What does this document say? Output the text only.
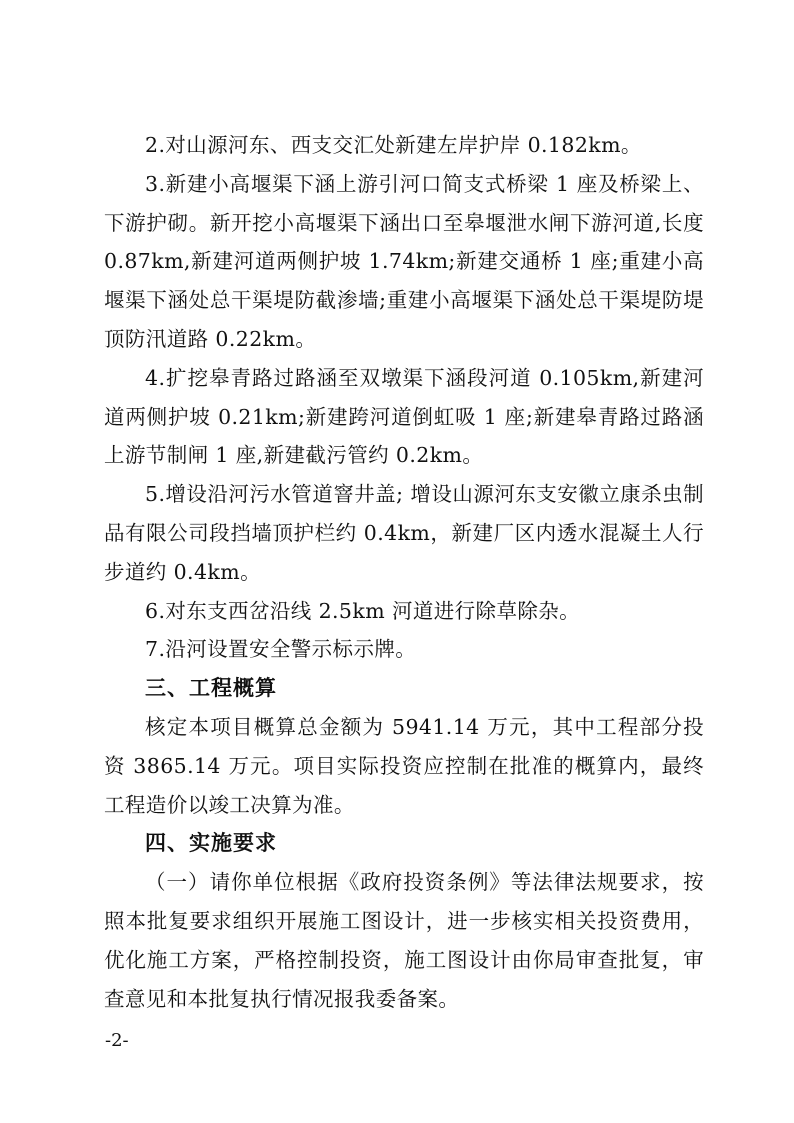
2.对山源河东、西支交汇处新建左岸护岸 0.182km。

3.新建小高堰渠下涵上游引河口简支式桥梁 1 座及桥梁上、下游护砌。新开挖小高堰渠下涵出口至皋堰泄水闸下游河道,长度 0.87km,新建河道两侧护坡 1.74km;新建交通桥 1 座;重建小高堰渠下涵处总干渠堤防截渗墙;重建小高堰渠下涵处总干渠堤防堤顶防汛道路 0.22km。

4.扩挖皋青路过路涵至双墩渠下涵段河道 0.105km,新建河道两侧护坡 0.21km;新建跨河道倒虹吸 1 座;新建皋青路过路涵上游节制闸 1 座,新建截污管约 0.2km。

5.增设沿河污水管道窨井盖; 增设山源河东支安徽立康杀虫制品有限公司段挡墙顶护栏约 0.4km，新建厂区内透水混凝土人行步道约 0.4km。

6.对东支西岔沿线 2.5km 河道进行除草除杂。

7.沿河设置安全警示标示牌。

三、工程概算

核定本项目概算总金额为 5941.14 万元，其中工程部分投资 3865.14 万元。项目实际投资应控制在批准的概算内，最终工程造价以竣工决算为准。

四、实施要求

（一）请你单位根据《政府投资条例》等法律法规要求，按照本批复要求组织开展施工图设计，进一步核实相关投资费用，优化施工方案，严格控制投资，施工图设计由你局审查批复，审查意见和本批复执行情况报我委备案。

-2-
